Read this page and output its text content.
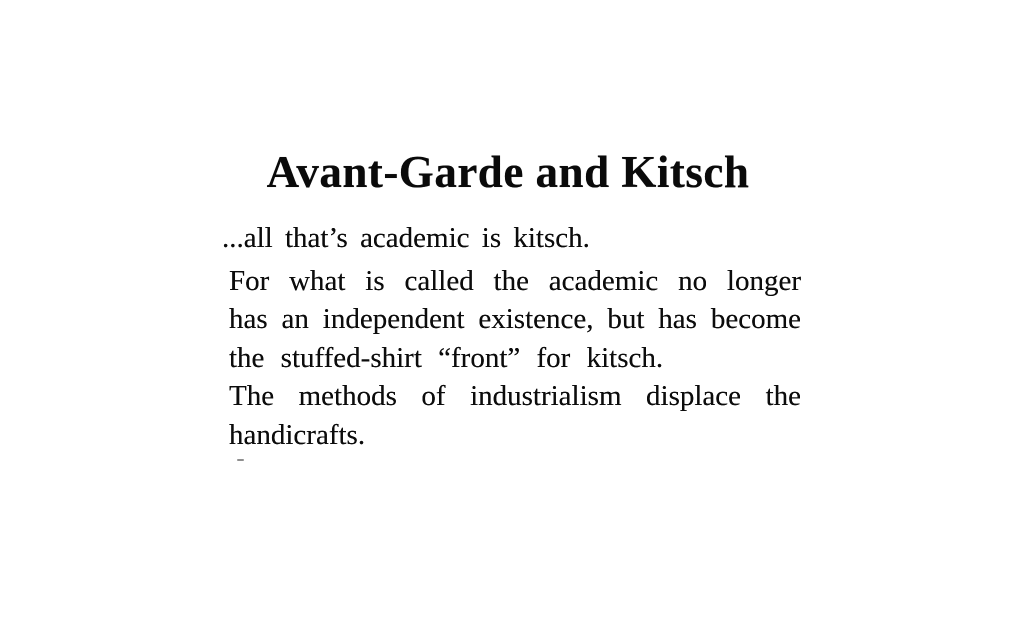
Avant-Garde and Kitsch
...all that’s academic is kitsch.
For what is called the academic no longer
has an independent existence, but has become
the stuffed-shirt “front” for kitsch.
The methods of industrialism displace the
handicrafts.
